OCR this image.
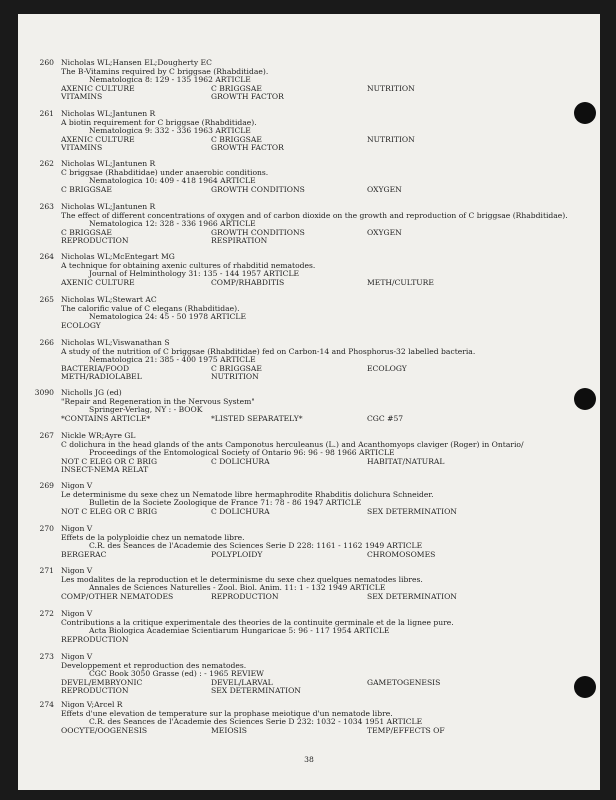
260 Nicholas WL;Hansen EL;Dougherty EC
The B-Vitamins required by C briggsae (Rhabditidae).
Nematologica 8: 129 - 135 1962 ARTICLE
AXENIC CULTURE	C BRIGGSAE	NUTRITION
VITAMINS	GROWTH FACTOR
261 Nicholas WL;Jantunen R
A biotin requirement for C briggsae (Rhabditidae).
Nematologica 9: 332 - 336 1963 ARTICLE
AXENIC CULTURE	C BRIGGSAE	NUTRITION
VITAMINS	GROWTH FACTOR
262 Nicholas WL;Jantunen R
C briggsae (Rhabditidae) under anaerobic conditions.
Nematologica 10: 409 - 418 1964 ARTICLE
C BRIGGSAE	GROWTH CONDITIONS	OXYGEN
263 Nicholas WL;Jantunen R
The effect of different concentrations of oxygen and of carbon dioxide on the growth and reproduction of C briggsae (Rhabditidae).
Nematologica 12: 328 - 336 1966 ARTICLE
C BRIGGSAE	GROWTH CONDITIONS	OXYGEN
REPRODUCTION	RESPIRATION
264 Nicholas WL;McEntegart MG
A technique for obtaining axenic cultures of rhabditid nematodes.
Journal of Helminthology 31: 135 - 144 1957 ARTICLE
AXENIC CULTURE	COMP/RHABDITIS	METH/CULTURE
265 Nicholas WL;Stewart AC
The calorific value of C elegans (Rhabditidae).
Nematologica 24: 45 - 50 1978 ARTICLE
ECOLOGY
266 Nicholas WL;Viswanathan S
A study of the nutrition of C briggsae (Rhabditidae) fed on Carbon-14 and Phosphorus-32 labelled bacteria.
Nematologica 21: 385 - 400 1975 ARTICLE
BACTERIA/FOOD	C BRIGGSAE	ECOLOGY
METH/RADIOLABEL	NUTRITION
3090 Nicholls JG (ed)
"Repair and Regeneration in the Nervous System"
Springer-Verlag, NY : - BOOK
*CONTAINS ARTICLE*	*LISTED SEPARATELY*	CGC #57
267 Nickle WR;Ayre GL
C dolichura in the head glands of the ants Camponotus herculeanus (L.) and Acanthomyops claviger (Roger) in Ontario/
Proceedings of the Entomological Society of Ontario 96: 96 - 98 1966 ARTICLE
NOT C ELEG OR C BRIG	C DOLICHURA	HABITAT/NATURAL
INSECT-NEMA RELAT
269 Nigon V
Le determinisme du sexe chez un Nematode libre hermaphrodite Rhabditis dolichura Schneider.
Bulletin de la Societe Zoologique de France 71: 78 - 86 1947 ARTICLE
NOT C ELEG OR C BRIG	C DOLICHURA	SEX DETERMINATION
270 Nigon V
Effets de la polyploidie chez un nematode libre.
C.R. des Seances de l'Academie des Sciences Serie D 228: 1161 - 1162 1949 ARTICLE
BERGERAC	POLYPLOIDY	CHROMOSOMES
271 Nigon V
Les modalites de la reproduction et le determinisme du sexe chez quelques nematodes libres.
Annales de Sciences Naturelles - Zool. Biol. Anim. 11: 1 - 132 1949 ARTICLE
COMP/OTHER NEMATODES	REPRODUCTION	SEX DETERMINATION
272 Nigon V
Contributions a la critique experimentale des theories de la continuite germinale et de la lignee pure.
Acta Biologica Academiae Scientiarum Hungaricae 5: 96 - 117 1954 ARTICLE
REPRODUCTION
273 Nigon V
Developpement et reproduction des nematodes.
CGC Book 3050 Grasse (ed) : - 1965 REVIEW
DEVEL/EMBRYONIC	DEVEL/LARVAL	GAMETOGENESIS
REPRODUCTION	SEX DETERMINATION
274 Nigon V;Arcel R
Effets d'une elevation de temperature sur la prophase meiotique d'un nematode libre.
C.R. des Seances de l'Academie des Sciences Serie D 232: 1032 - 1034 1951 ARTICLE
OOCYTE/OOGENESIS	MEIOSIS	TEMP/EFFECTS OF
38
